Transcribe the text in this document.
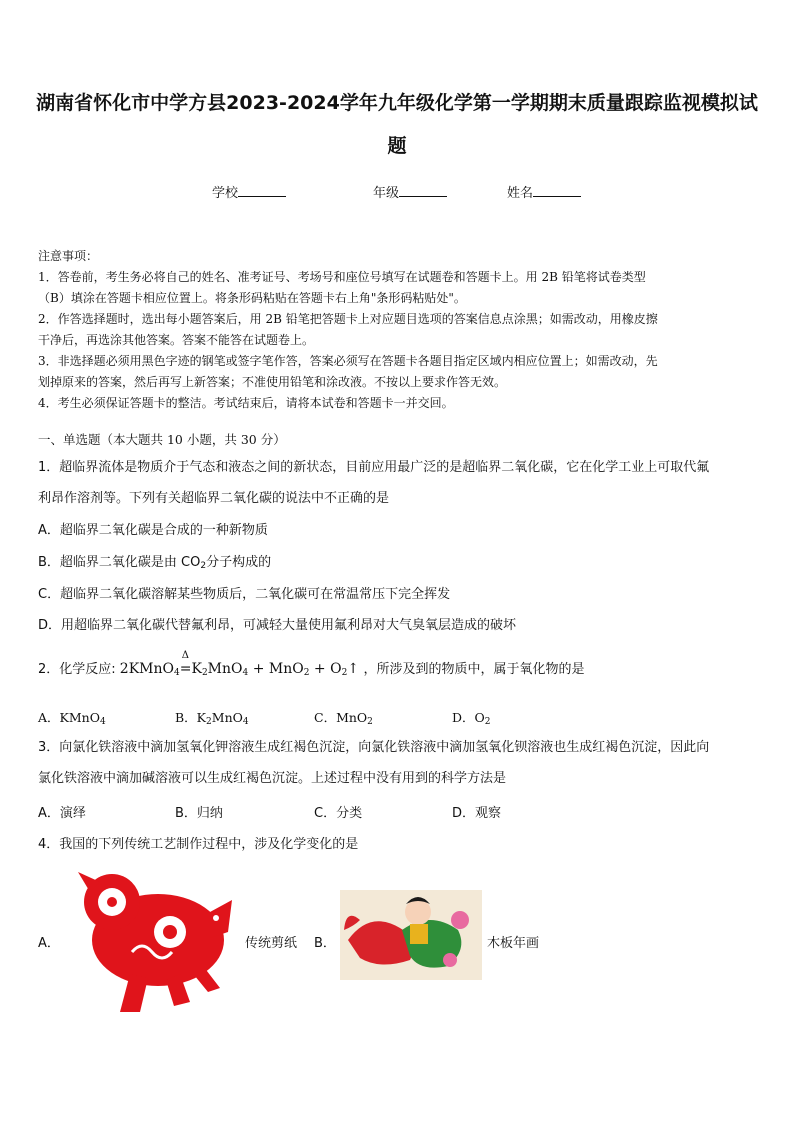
湖南省怀化市中学方县2023-2024学年九年级化学第一学期期末质量跟踪监视模拟试
题
学校	年级	姓名

注意事项：

1．答卷前，考生务必将自己的姓名、准考证号、考场号和座位号填写在试题卷和答题卡上。用 2B 铅笔将试卷类型

（B）填涂在答题卡相应位置上。将条形码粘贴在答题卡右上角"条形码粘贴处"。

2．作答选择题时，选出每小题答案后，用 2B 铅笔把答题卡上对应题目选项的答案信息点涂黑；如需改动，用橡皮擦

干净后，再选涂其他答案。答案不能答在试题卷上。

3．非选择题必须用黑色字迹的钢笔或签字笔作答，答案必须写在答题卡各题目指定区域内相应位置上；如需改动，先

划掉原来的答案，然后再写上新答案；不准使用铅笔和涂改液。不按以上要求作答无效。

4．考生必须保证答题卡的整洁。考试结束后，请将本试卷和答题卡一并交回。

一、单选题（本大题共 10 小题，共 30 分）
1．超临界流体是物质介于气态和液态之间的新状态，目前应用最广泛的是超临界二氧化碳，它在化学工业上可取代氟
利昂作溶剂等。下列有关超临界二氧化碳的说法中不正确的是
A．超临界二氧化碳是合成的一种新物质
B．超临界二氧化碳是由 $CO_2$分子构成的
C．超临界二氧化碳溶解某些物质后，二氧化碳可在常温常压下完全挥发
D．用超临界二氧化碳代替氟利昂，可减轻大量使用氟利昂对大气臭氧层造成的破坏
2．化学反应: 2KMnO$_4$
Δ
$=K_2MnO_4 + MnO_2$ + $O_2↑$ ，所涉及到的物质中，属于氧化物的是
A．KMnO$_4$	B．$K_2MnO_4$	C．MnO$_2$	D．$O_2$
3．向氯化铁溶液中滴加氢氧化钾溶液生成红褐色沉淀，向氯化铁溶液中滴加氢氧化钡溶液也生成红褐色沉淀，因此向
氯化铁溶液中滴加碱溶液可以生成红褐色沉淀。上述过程中没有用到的科学方法是
A．演绎	B．归纳	C．分类	D．观察
4．我国的下列传统工艺制作过程中，涉及化学变化的是
A．	传统剪纸 B．	木板年画
